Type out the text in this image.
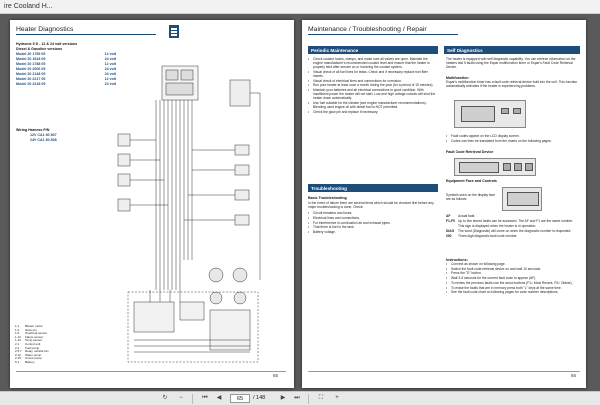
ire Cooland H...
Heater Diagnostics
Hydronic 5 D - 12 & 24 volt versions
Diesel & Gasoline versions
Model 20 1789 05	12 volt
Model 20 1818 05	24 volt
Model 20 1788 05	12 volt
Model 20 2006 05	24 volt
Model 20 2148 05	24 volt
Model 20 2217 05	12 volt
Model 20 2218 05	24 volt
Wiring Harness P/N
12V CA1 80 807
24V CA1 80 808
1.1	Blower motor
1.2	Glow pin
1.5	Overheat sensor
1.12	Flame sensor
1.13	Temp sensor
2.1	Control unit
2.2	Fuel pump
2.5.7	Relay, vehicle fan
2.12	Water pump
2.15	Circuit pump
5.1	Battery
65
Maintenance / Troubleshooting / Repair
Periodic Maintenance
• Check coolant hoses, clamps, and make sure all valves are open. Maintain the engine manufacturer's recommended coolant level and ensure that the heater is properly bled after service on or involving the coolant system.
• Visual check of all fuel lines for leaks. Check and if necessary replace fuel filter inserts.
• Visual check of electrical lines and connections for corrosion.
• Run your heater at least once a month during the year (for a period of 15 minutes).
• Maintain your batteries and all electrical connections in good condition. With insufficient power the heater will not start. Low and high voltage cutouts will shut the heater down automatically.
• Use fuel suitable for the climate (see engine manufacturer recommendations). Blending used engine oil with diesel fuel is NOT permitted.
• Check the glow pin and replace if necessary.
Troubleshooting
Basic Troubleshooting
In the event of failure there are several items which should be checked first before any major troubleshooting is done. Check:
• Circuit breakers and fuses.
• Electrical lines and connections.
• For interference in combustion air and exhaust pipes.
• That there is fuel in the tank.
• Battery voltage.
Self Diagnostics
The heater is equipped with self diagnostic capability. You can retrieve information on the heaters last 5 faults using the Espar multifunction timer or Espar's Fault Code Retrieval Device.
Multifunction
Espar's multifunction timer has a fault code retrieval device built into the unit. This function automatically activates if the heater is experiencing problems.
• Fault codes appear on the LCD display screen.
• Codes can then be translated from the charts on the following pages.
Fault Code Retrieval Device
Equipment Face and Controls
Symbols seen on the display face are as follows:
AF	Actual fault.
F1-F5 Up to five stored faults can be accessed. The AF and F1 are the same number.
This sign is displayed when the heater is in operation.
DIAG	The word (Diagnostic) will come on when the diagnostic number is requested.
000	Three digit diagnostic fault code number.
Instructions:
• Connect as shown on following page.
• Switch the fault code retrieval device on and wait 10 seconds.
• Press the "D" button.
• Wait 3-5 seconds for the current fault code to appear (AF).
• To review the previous faults use the arrow buttons (F1= Most Recent, F5= Oldest).
• To erase the faults that are in memory press both "L" keys at the same time.
• See the fault code chart on following pages for code number descriptions.
66
↻	−	⏮	◀	65	/ 148	▶	⏭	⛶	+
